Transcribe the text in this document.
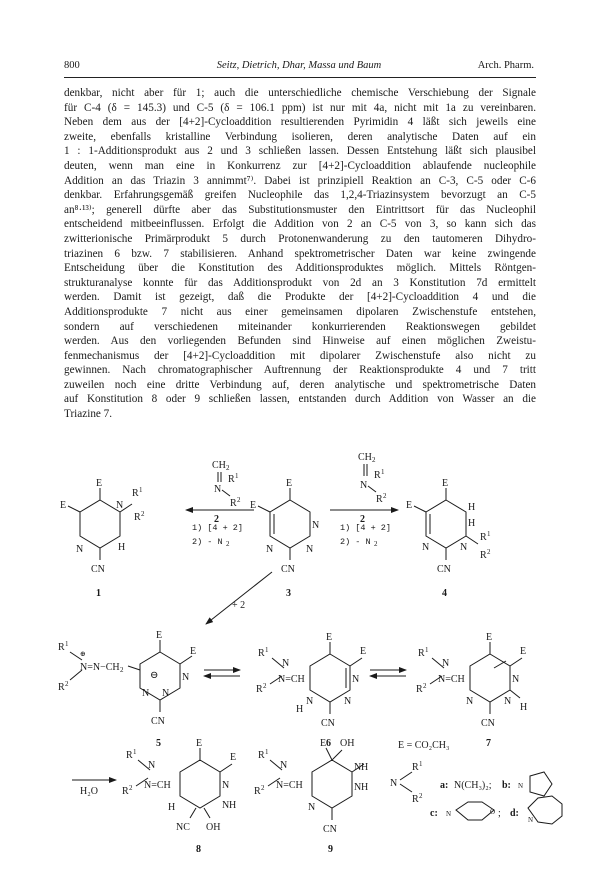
800	Seitz, Dietrich, Dhar, Massa und Baum	Arch. Pharm.

denkbar, nicht aber für 1; auch die unterschiedliche chemische Verschiebung der Signale
für C-4 (δ = 145.3) und C-5 (δ = 106.1 ppm) ist nur mit 4a, nicht mit 1a zu vereinbaren.
Neben dem aus der [4+2]-Cycloaddition resultierenden Pyrimidin 4 läßt sich jeweils eine
zweite, ebenfalls kristalline Verbindung isolieren, deren analytische Daten auf ein
1 : 1-Additionsprodukt aus 2 und 3 schließen lassen. Dessen Entstehung läßt sich plausibel
deuten, wenn man eine in Konkurrenz zur [4+2]-Cycloaddition ablaufende nucleophile
Addition an das Triazin 3 annimmt⁷⁾. Dabei ist prinzipiell Reaktion an C-3, C-5 oder C-6
denkbar. Erfahrungsgemäß greifen Nucleophile das 1,2,4-Triazinsystem bevorzugt an C-5
an⁸·¹³⁾; generell dürfte aber das Substitutionsmuster den Eintrittsort für das Nucleophil
entscheidend mitbeeinflussen. Erfolgt die Addition von 2 an C-5 von 3, so kann sich das
zwitterionische Primärprodukt 5 durch Protonenwanderung zu den tautomeren Dihydro-
triazinen 6 bzw. 7 stabilisieren. Anhand spektrometrischer Daten war keine zwingende
Entscheidung über die Konstitution des Additionsproduktes möglich. Mittels Röntgen-
strukturanalyse konnte für das Additionsprodukt von 2d an 3 Konstitution 7d ermittelt
werden. Damit ist gezeigt, daß die Produkte der [4+2]-Cycloaddition 4 und die
Additionsprodukte 7 nicht aus einer gemeinsamen dipolaren Zwischenstufe entstehen,
sondern auf verschiedenen miteinander konkurrierenden Reaktionswegen gebildet
werden. Aus den vorliegenden Befunden sind Hinweise auf einen möglichen Zweistu-
fenmechanismus der [4+2]-Cycloaddition mit dipolarer Zwischenstufe also nicht zu
gewinnen. Nach chromatographischer Auftrennung der Reaktionsprodukte 4 und 7 tritt
zuweilen noch eine dritte Verbindung auf, deren analytische und spektrometrische Daten
auf Konstitution 8 oder 9 schließen lassen, entstanden durch Addition von Wasser an die
Triazine 7.

E
E
N
N
R 1
R 2
H
CN
1
CH 2
N
R 1
R 2
2
1) [4 + 2]
2) - N 2
E
E
N	N
N
CN
3
CH 2
N
R 1
R 2
2
1) [4 + 2]
2) - N 2
E
E	H
H
N	N
R 1
R 2
CN
4
+ 2
R 1
R 2
⊕
N=N−CH 2
E
E
⊖ N
N N
CN
5
R 1
R 2
N
N=CH
E
E
N
N	N
H
CN
6
R 1
R 2
N
N=CH
E
E
N
N	N
H
CN
7
H₂O
R 1
R 2
N
N=CH
E
E
N
H	N H
NC OH
8
R 1
R 2
N
N=CH
E OH
N H
N H
N
CN
9
E = CO₂CH₃
N
R 1
R 2
a: N(CH₃)₂; b: N
c: N	O ; d:
N
